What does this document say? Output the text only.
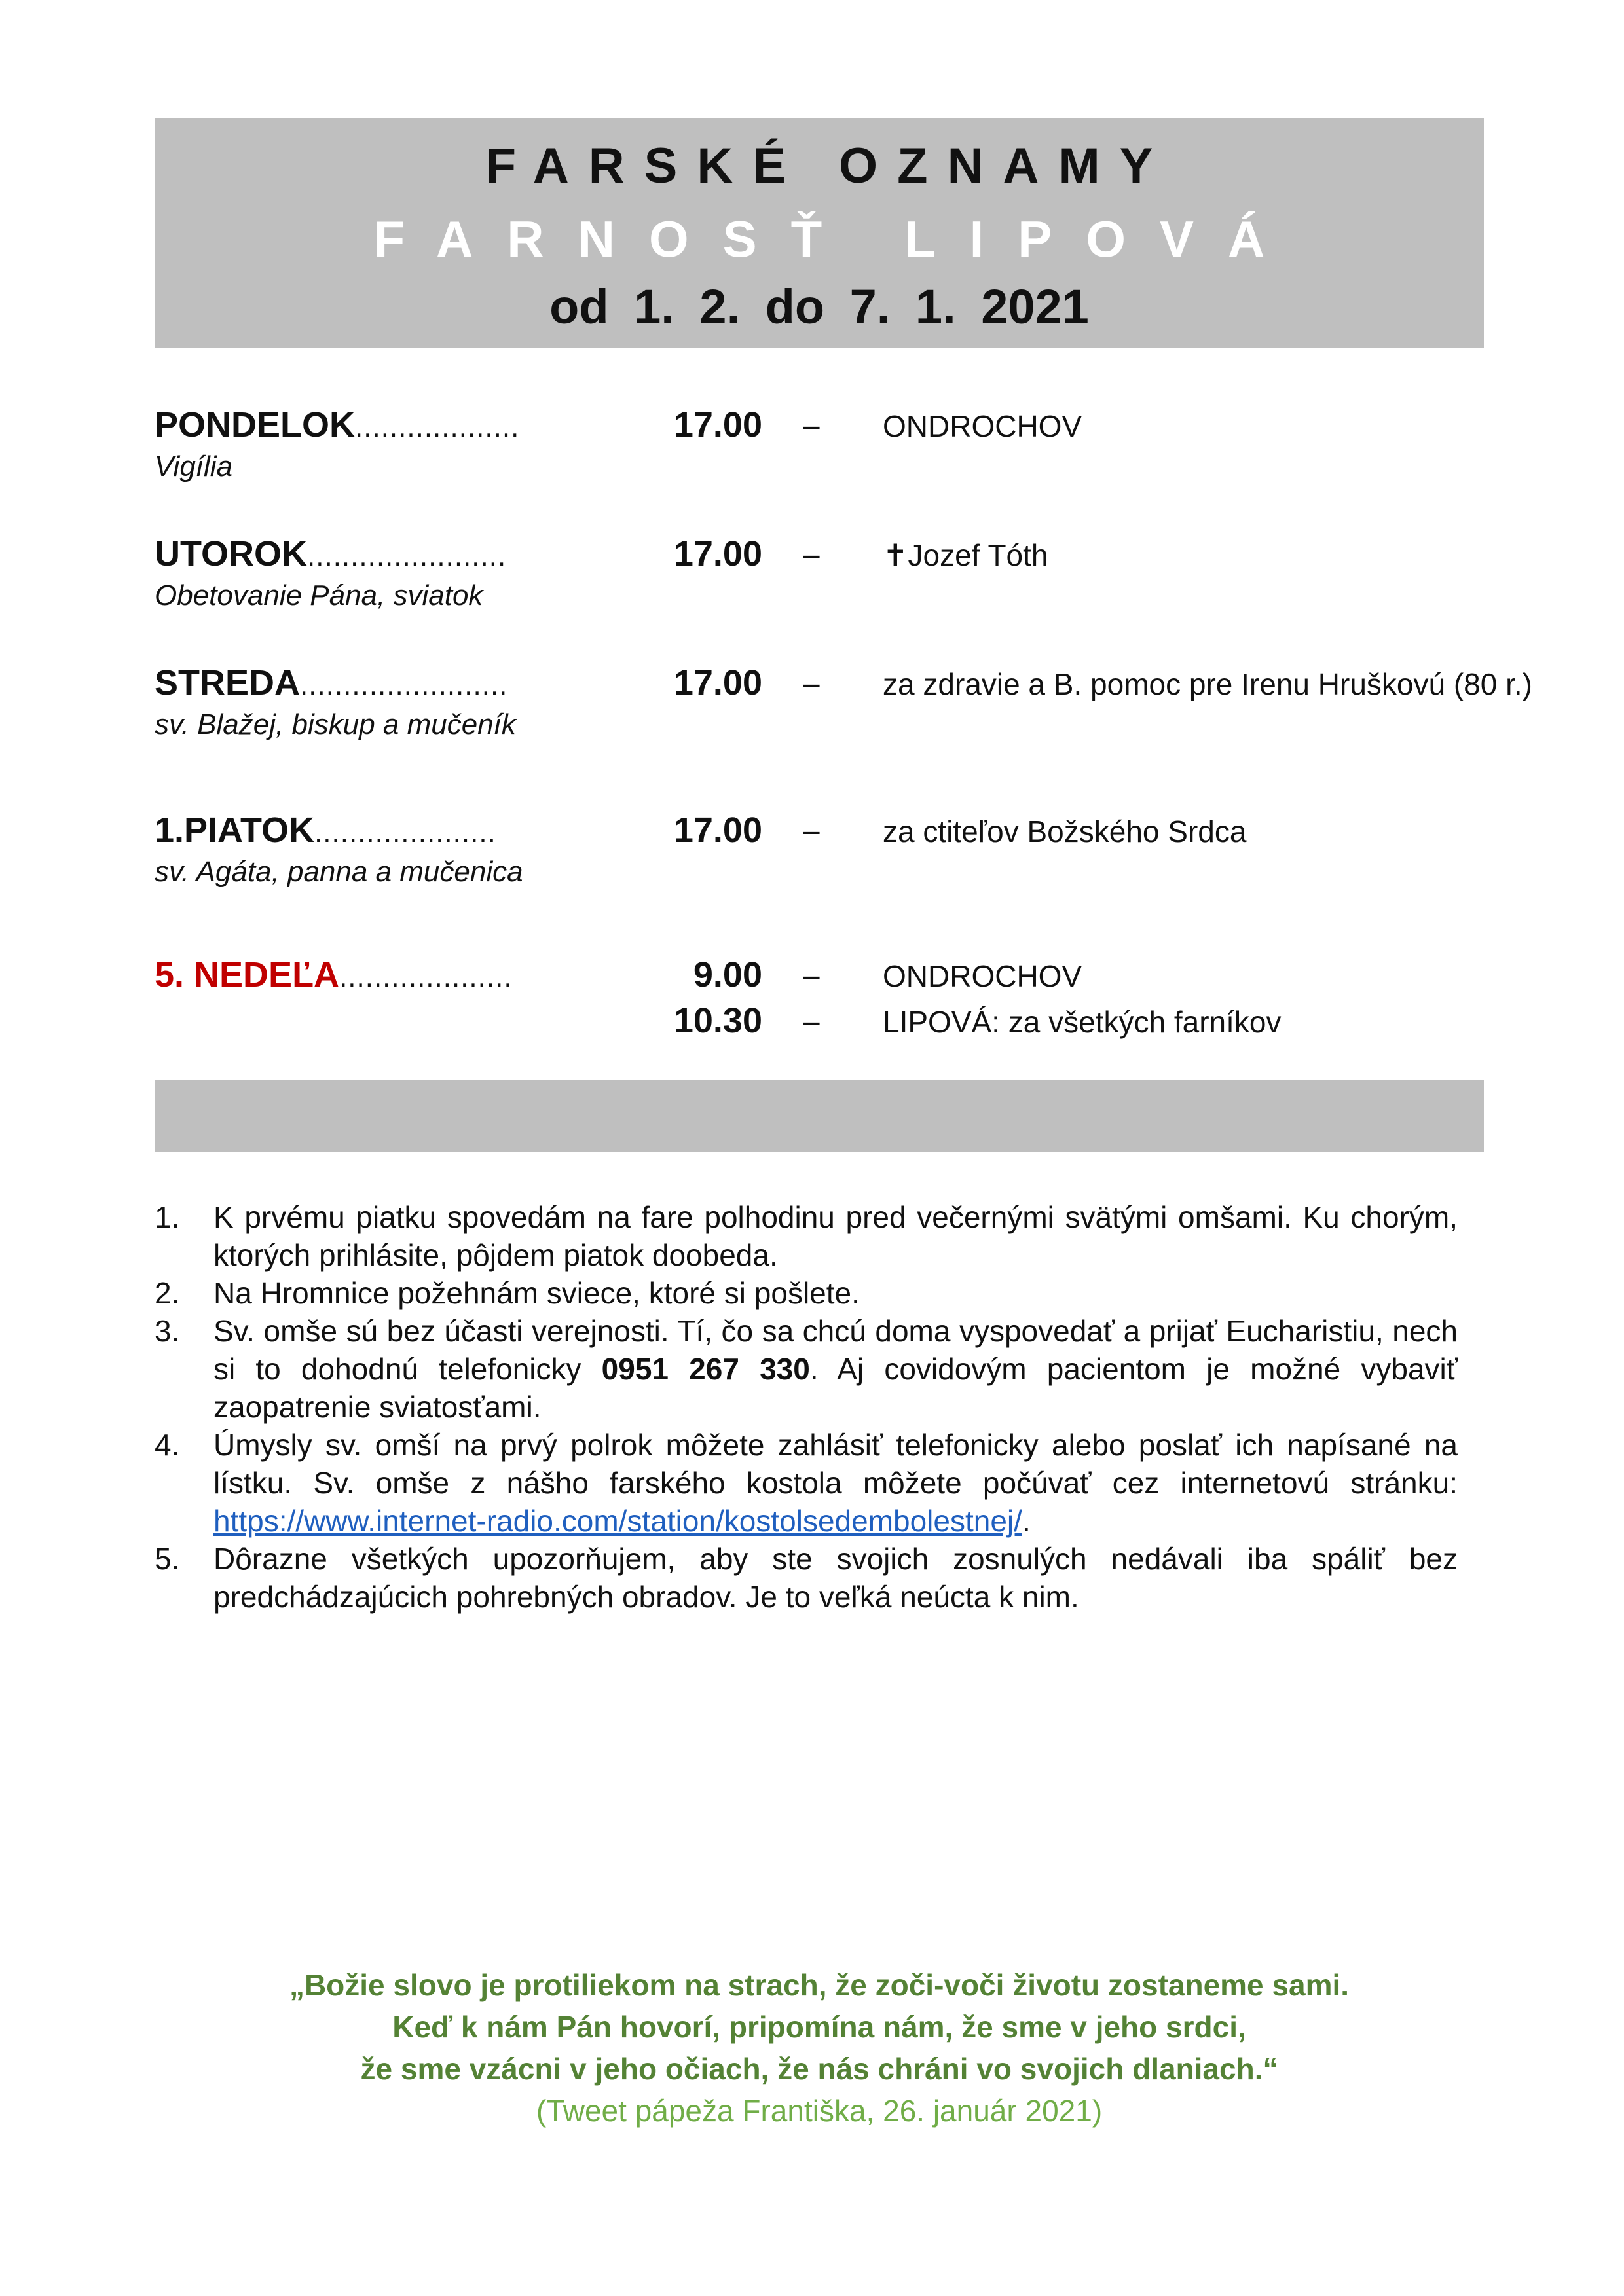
FARSKÉ OZNAMY
FARNOSŤ LIPOVÁ
od 1. 2. do 7. 1. 2021
PONDELOK...................	17.00 – ONDROCHOV
Vigília
UTOROK.......................	17.00 – ✝Jozef Tóth
Obetovanie Pána, sviatok
STREDA........................	17.00 – za zdravie a B. pomoc pre Irenu Hruškovú (80 r.)
sv. Blažej, biskup a mučeník
1.PIATOK.....................	17.00 – za ctiteľov Božského Srdca
sv. Agáta, panna a mučenica
5. NEDEĽA....................	9.00 – ONDROCHOV
10.30 – LIPOVÁ: za všetkých farníkov
1. K prvému piatku spovedám na fare polhodinu pred večernými svätými omšami. Ku chorým, ktorých prihlásite, pôjdem piatok doobeda.
2. Na Hromnice požehnám sviece, ktoré si pošlete.
3. Sv. omše sú bez účasti verejnosti. Tí, čo sa chcú doma vyspovedať a prijať Eucharistiu, nech si to dohodnú telefonicky 0951 267 330. Aj covidovým pacientom je možné vybaviť zaopatrenie sviatosťami.
4. Úmysly sv. omší na prvý polrok môžete zahlásiť telefonicky alebo poslať ich napísané na lístku. Sv. omše z nášho farského kostola môžete počúvať cez internetovú stránku: https://www.internet-radio.com/station/kostolsedembolestnej/.
5. Dôrazne všetkých upozorňujem, aby ste svojich zosnulých nedávali iba spáliť bez predchádzajúcich pohrebných obradov. Je to veľká neúcta k nim.
„Božie slovo je protiliekom na strach, že zoči-voči životu zostaneme sami.
Keď k nám Pán hovorí, pripomína nám, že sme v jeho srdci,
že sme vzácni v jeho očiach, že nás chráni vo svojich dlaniach.“
(Tweet pápeža Františka, 26. január 2021)
